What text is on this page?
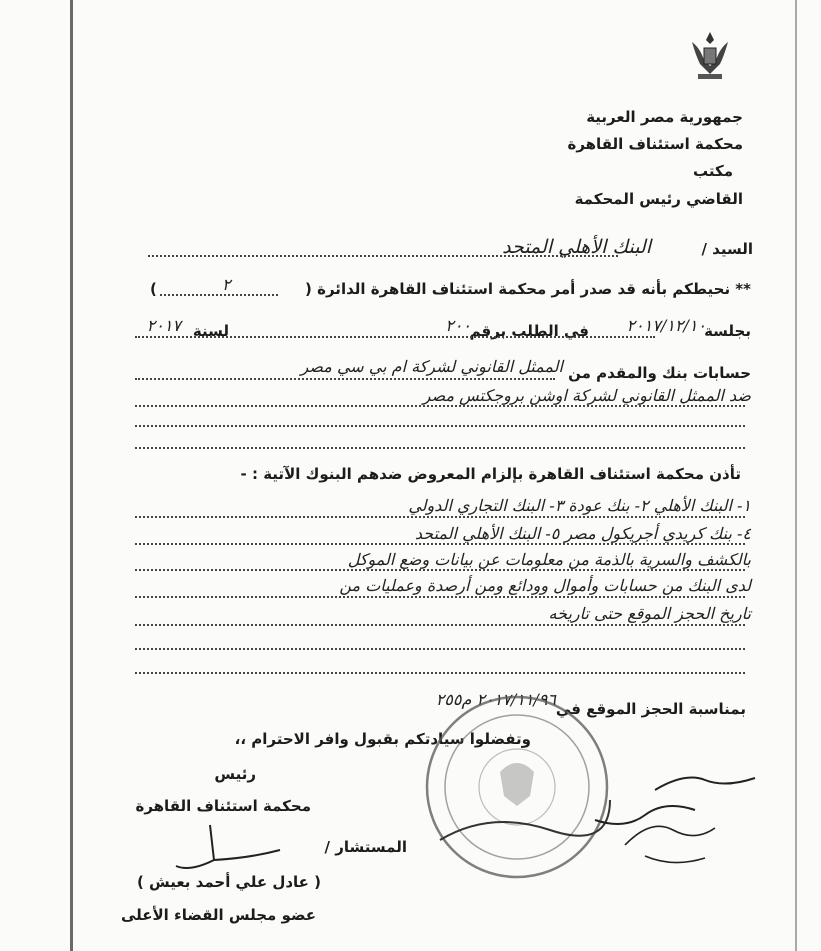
جمهورية مصر العربية
محكمة استئناف القاهرة
مكتب
القاضي رئيس المحكمة
السيد /
البنك الأهلي المتحد
** نحيطكم بأنه قد صدر أمر محكمة استئناف القاهرة الدائرة (
٢
)
بجلسة
٢٠١٧/١٢/١٠
في الطلب برقم
٢٠٠
لسنة
٢٠١٧
حسابات بنك والمقدم من
الممثل القانوني لشركة ام بي سي مصر
ضد الممثل القانوني لشركة اوشن بروجكتس مصر
تأذن محكمة استئناف القاهرة بإلزام المعروض ضدهم البنوك الآتية : -
١- البنك الأهلي ٢- بنك عودة ٣- البنك التجاري الدولي
٤- بنك كريدي أجريكول مصر ٥- البنك الأهلي المتحد
بالكشف والسرية بالذمة من معلومات عن بيانات وضع الموكل
لدى البنك من حسابات وأموال وودائع ومن أرصدة وعمليات من
تاريخ الحجز الموقع حتى تاريخه
بمناسبة الحجز الموقع في
٢٠١٧/١١/٩٦ م٢٥٥
وتفضلوا سيادتكم بقبول وافر الاحترام ،،
رئيس
محكمة استئناف القاهرة
المستشار /
( عادل علي أحمد بعيش )
عضو مجلس القضاء الأعلى
